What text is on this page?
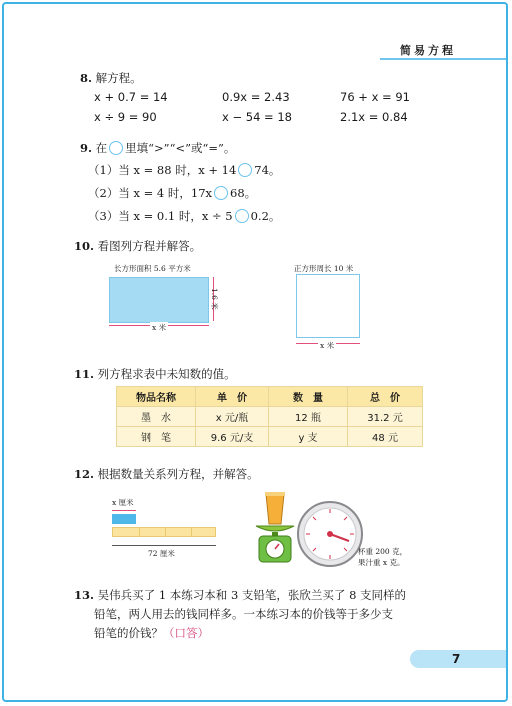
简易方程
8. 解方程。
x + 0.7 = 14	0.9x = 2.43	76 + x = 91
x ÷ 9 = 90	x − 54 = 18	2.1x = 0.84
9. 在 里填“>”“<”或“=”。
（1）当 x = 88 时，x + 14 74。
（2）当 x = 4 时，17x 68。
（3）当 x = 0.1 时，x ÷ 5 0.2。
10. 看图列方程并解答。
长方形面积 5.6 平方米
1.6 米
x 米
正方形周长 10 米
x 米
11. 列方程求表中未知数的值。
物品名称	单　价	数　量	总　价
墨　水	x 元/瓶	12 瓶	31.2 元
钢　笔	9.6 元/支	y 支	48 元
12. 根据数量关系列方程，并解答。
x 厘米
72 厘米	杯重 200 克，
果汁重 x 克。
13. 吴伟兵买了 1 本练习本和 3 支铅笔，张欣兰买了 8 支同样的
铅笔，两人用去的钱同样多。一本练习本的价钱等于多少支
铅笔的价钱？（口答）
7
